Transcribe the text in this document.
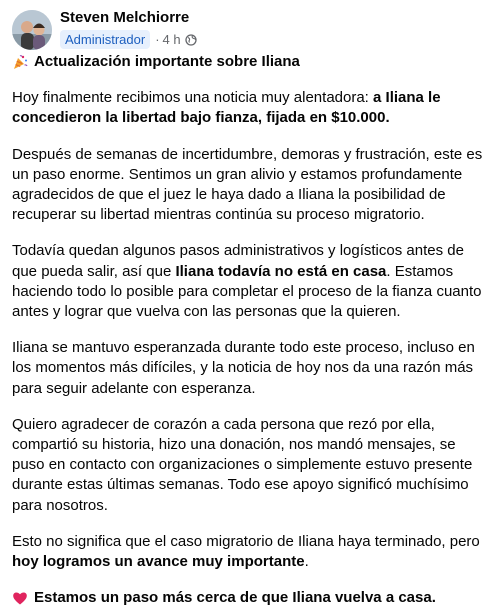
Steven Melchiorre
Administrador · 4 h

Actualización importante sobre Iliana

Hoy finalmente recibimos una noticia muy alentadora: a Iliana le concedieron la libertad bajo fianza, fijada en $10.000.

Después de semanas de incertidumbre, demoras y frustración, este es un paso enorme. Sentimos un gran alivio y estamos profundamente agradecidos de que el juez le haya dado a Iliana la posibilidad de recuperar su libertad mientras continúa su proceso migratorio.

Todavía quedan algunos pasos administrativos y logísticos antes de que pueda salir, así que Iliana todavía no está en casa. Estamos haciendo todo lo posible para completar el proceso de la fianza cuanto antes y lograr que vuelva con las personas que la quieren.

Iliana se mantuvo esperanzada durante todo este proceso, incluso en los momentos más difíciles, y la noticia de hoy nos da una razón más para seguir adelante con esperanza.

Quiero agradecer de corazón a cada persona que rezó por ella, compartió su historia, hizo una donación, nos mandó mensajes, se puso en contacto con organizaciones o simplemente estuvo presente durante estas últimas semanas. Todo ese apoyo significó muchísimo para nosotros.

Esto no significa que el caso migratorio de Iliana haya terminado, pero hoy logramos un avance muy importante.

Estamos un paso más cerca de que Iliana vuelva a casa.
